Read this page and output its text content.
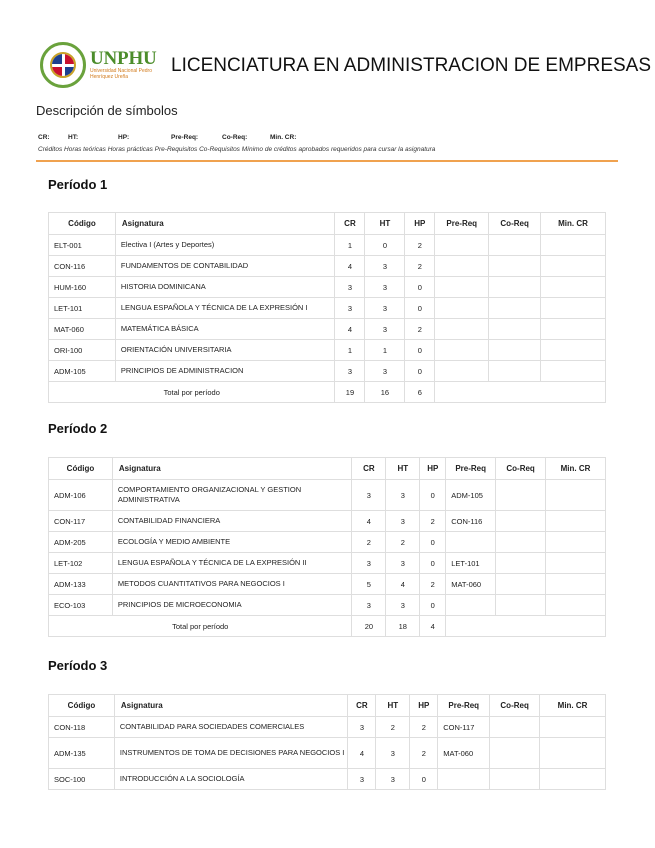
UNPHU
Universidad Nacional Pedro Henríquez Ureña
LICENCIATURA EN ADMINISTRACION DE EMPRESAS
Descripción de símbolos
CR:	HT:	HP:	Pre-Req:	Co-Req:	Min. CR:
Créditos Horas teóricas Horas prácticas Pre-Requisitos Co-Requisitos Mínimo de créditos aprobados requeridos para cursar la asignatura
Período 1
Código	Asignatura	CR	HT	HP	Pre-Req	Co-Req	Min. CR
ELT-001	Electiva I (Artes y Deportes)	1	0	2			
CON-116	FUNDAMENTOS DE CONTABILIDAD	4	3	2			
HUM-160	HISTORIA DOMINICANA	3	3	0			
LET-101	LENGUA ESPAÑOLA Y TÉCNICA DE LA EXPRESIÓN I	3	3	0			
MAT-060	MATEMÁTICA BÁSICA	4	3	2			
ORI-100	ORIENTACIÓN UNIVERSITARIA	1	1	0			
ADM-105	PRINCIPIOS DE ADMINISTRACION	3	3	0			
Total por período		19	16	6			
Período 2
Código	Asignatura	CR	HT	HP	Pre-Req	Co-Req	Min. CR
ADM-106	COMPORTAMIENTO ORGANIZACIONAL Y GESTION ADMINISTRATIVA	3	3	0	ADM-105		
CON-117	CONTABILIDAD FINANCIERA	4	3	2	CON-116		
ADM-205	ECOLOGÍA Y MEDIO AMBIENTE	2	2	0			
LET-102	LENGUA ESPAÑOLA Y TÉCNICA DE LA EXPRESIÓN II	3	3	0	LET-101		
ADM-133	METODOS CUANTITATIVOS PARA NEGOCIOS I	5	4	2	MAT-060		
ECO-103	PRINCIPIOS DE MICROECONOMIA	3	3	0			
Total por período		20	18	4			
Período 3
Código	Asignatura	CR	HT	HP	Pre-Req	Co-Req	Min. CR
CON-118	CONTABILIDAD PARA SOCIEDADES COMERCIALES	3	2	2	CON-117		
ADM-135	INSTRUMENTOS DE TOMA DE DECISIONES PARA NEGOCIOS I	4	3	2	MAT-060		
SOC-100	INTRODUCCIÓN A LA SOCIOLOGÍA	3	3	0			
